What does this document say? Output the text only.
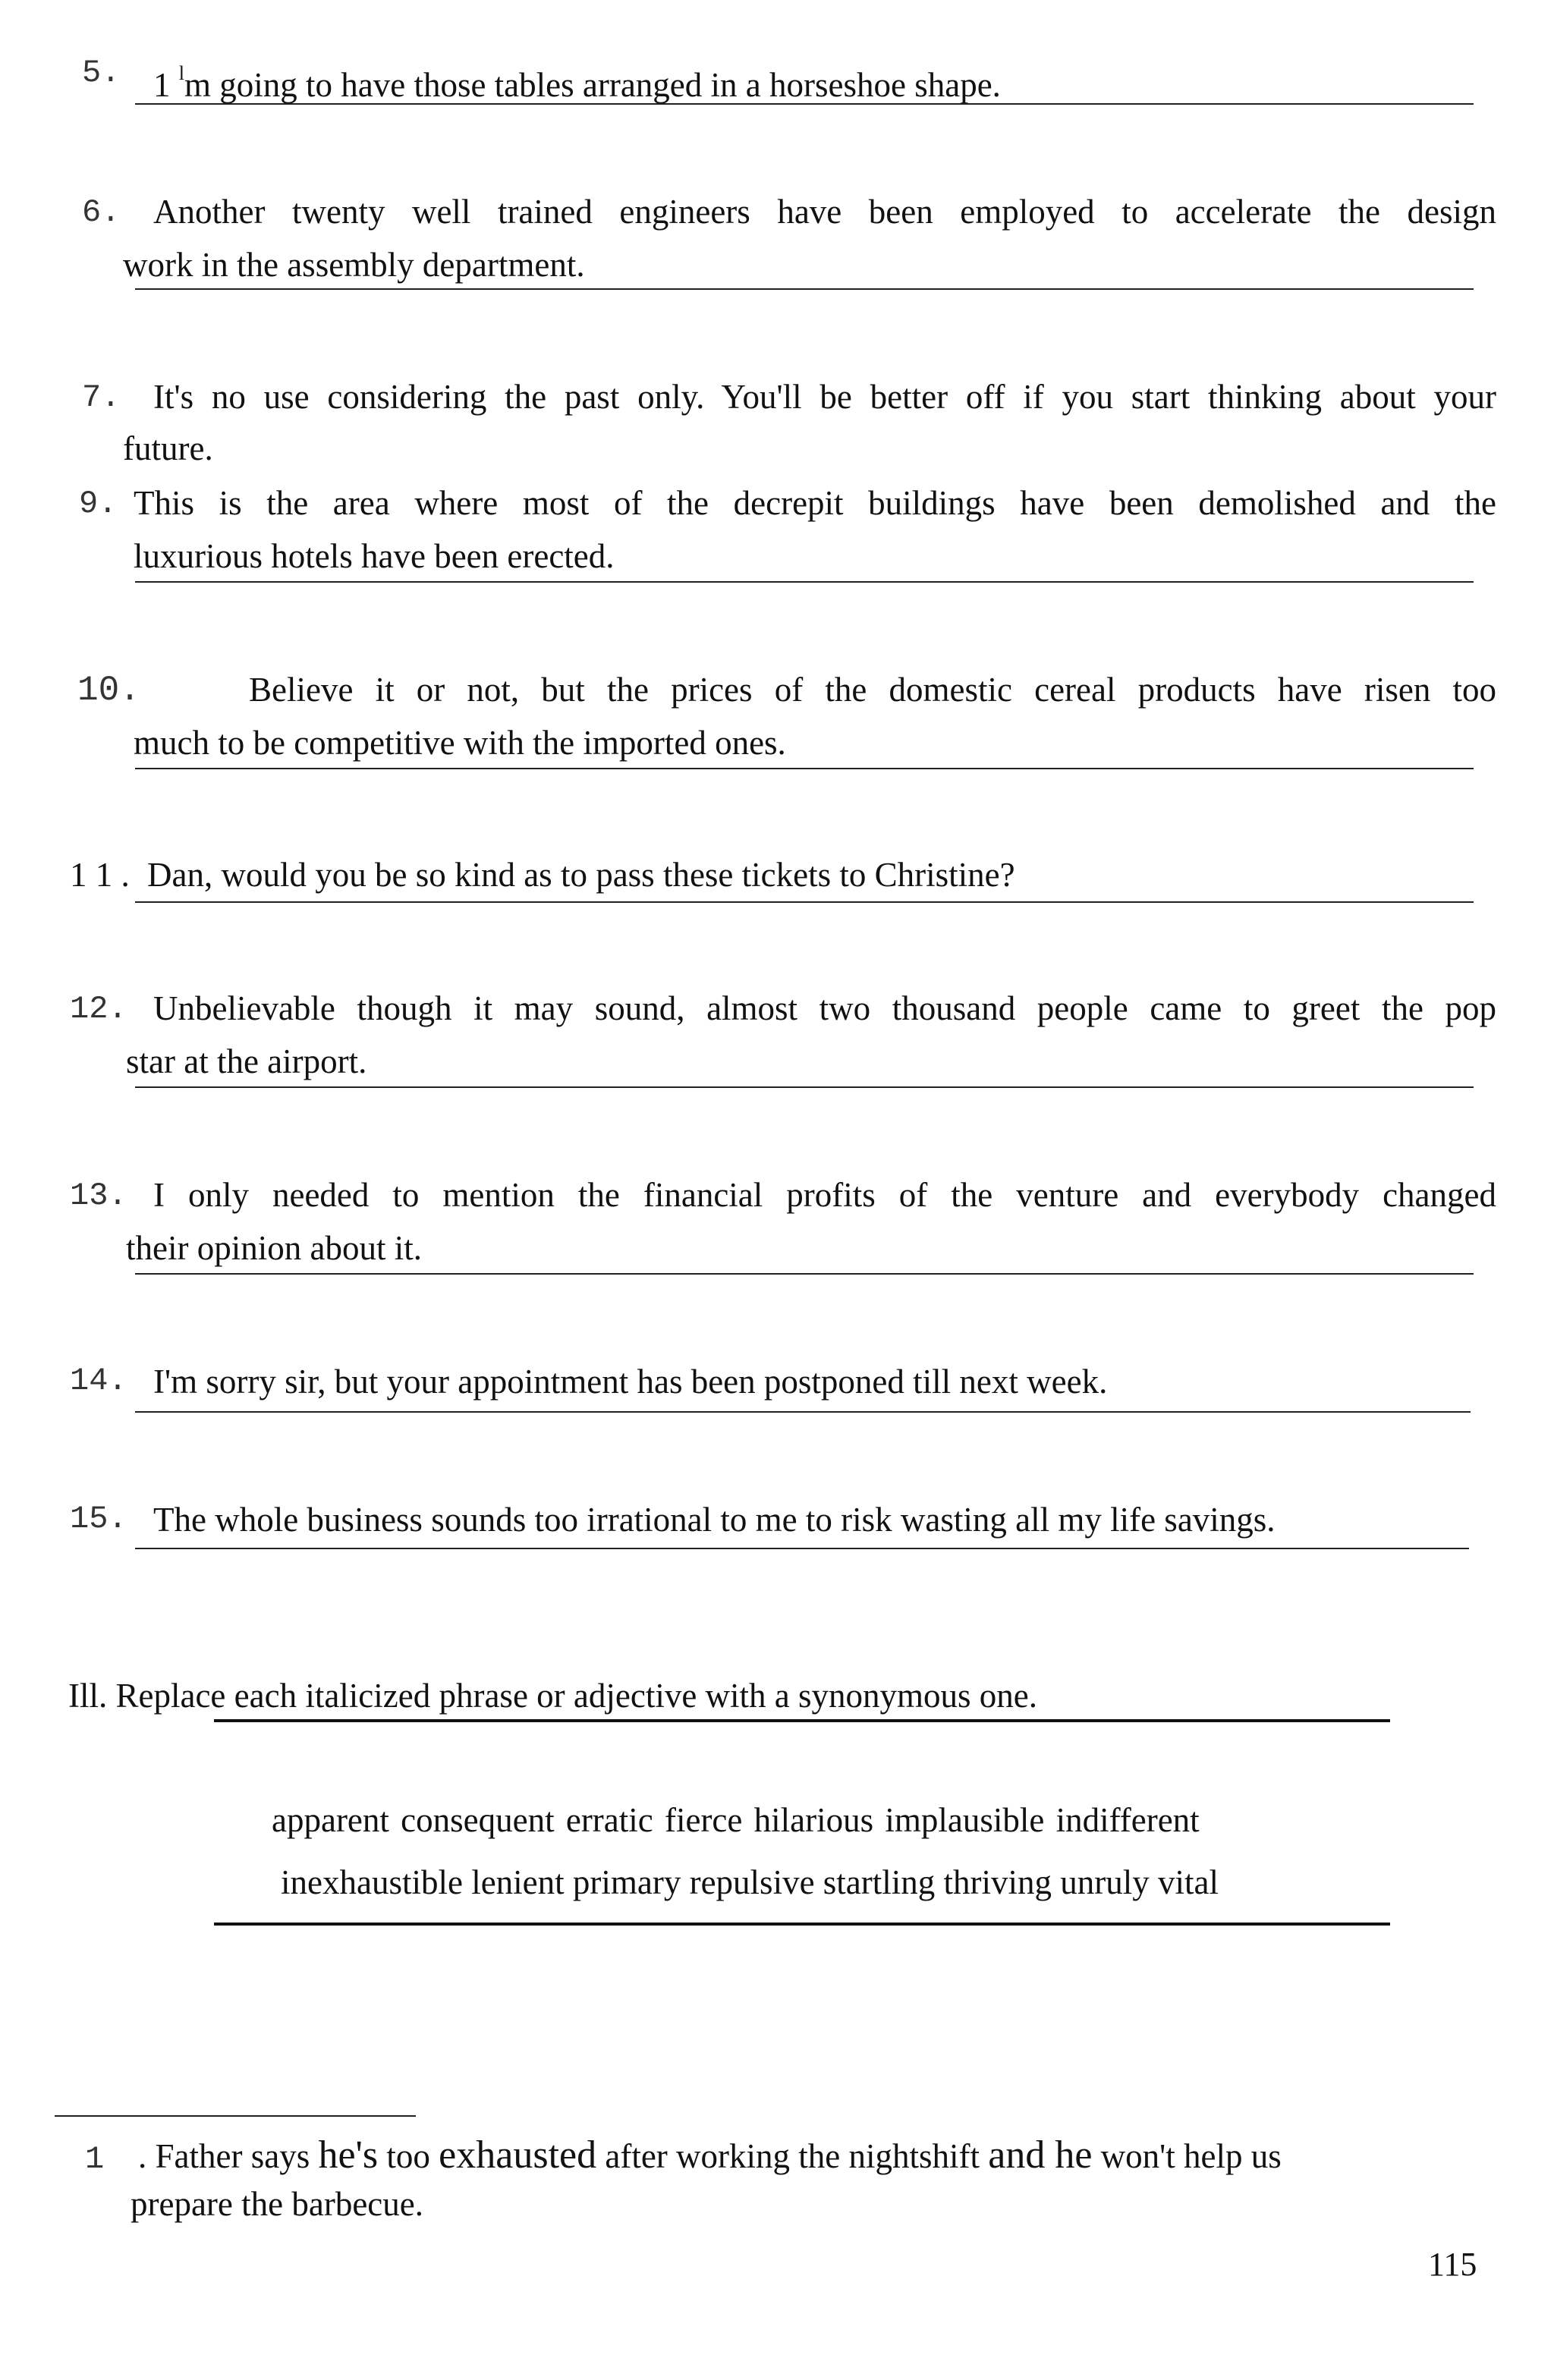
5. 1 $^l$m going to have those tables arranged in a horseshoe shape.
6. Another twenty well trained engineers have been employed to accelerate the design
work in the assembly department.
7. It's no use considering the past only. You'll be better off if you start thinking about your
future.
9. This is the area where most of the decrepit buildings have been demolished and the
luxurious hotels have been erected.
10.	Believe it or not, but the prices of the domestic cereal products have risen too
much to be competitive with the imported ones.
1 1 . Dan, would you be so kind as to pass these tickets to Christine?
12. Unbelievable though it may sound, almost two thousand people came to greet the pop
star at the airport.
13. I only needed to mention the financial profits of the venture and everybody changed
their opinion about it.
14. I'm sorry sir, but your appointment has been postponed till next week.
15. The whole business sounds too irrational to me to risk wasting all my life savings.
Ill. Replace each italicized phrase or adjective with a synonymous one.
apparent consequent erratic fierce hilarious implausible indifferent
inexhaustible lenient primary repulsive startling thriving unruly vital
1 . Father says he's too exhausted after working the nightshift and he won't help us
prepare the barbecue.
115
